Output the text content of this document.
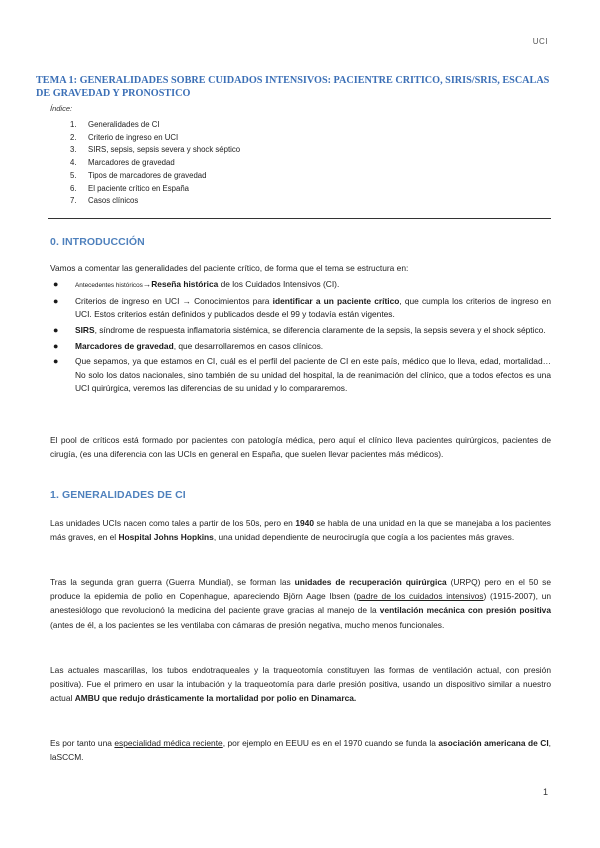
UCI
TEMA 1: GENERALIDADES SOBRE CUIDADOS INTENSIVOS: PACIENTRE CRITICO, SIRIS/SRIS, ESCALAS DE GRAVEDAD Y PRONOSTICO
Índice:
1.	Generalidades de CI
2.	Criterio de ingreso en UCI
3.	SIRS, sepsis, sepsis severa y shock séptico
4.	Marcadores de gravedad
5.	Tipos de marcadores de gravedad
6.	El paciente crítico en España
7.	Casos clínicos
0. INTRODUCCIÓN

Vamos a comentar las generalidades del paciente crítico, de forma que el tema se estructura en:

●	Antecedentes históricos→Reseña histórica de los Cuidados Intensivos (CI).
● Criterios de ingreso en UCI → Conocimientos para identificar a un paciente crítico, que cumpla los criterios de ingreso en UCI. Estos criterios están definidos y publicados desde el 99 y todavía están vigentes.
● SIRS, síndrome de respuesta inflamatoria sistémica, se diferencia claramente de la sepsis, la sepsis severa y el shock séptico.
● Marcadores de gravedad, que desarrollaremos en casos clínicos.
● Que sepamos, ya que estamos en CI, cuál es el perfil del paciente de CI en este país, médico que lo lleva, edad, mortalidad… No solo los datos nacionales, sino también de su unidad del hospital, la de reanimación del clínico, que a todos efectos es una UCI quirúrgica, veremos las diferencias de su unidad y lo compararemos.

El pool de críticos está formado por pacientes con patología médica, pero aquí el clínico lleva pacientes quirúrgicos, pacientes de cirugía, (es una diferencia con las UCIs en general en España, que suelen llevar pacientes más médicos).

1. GENERALIDADES DE CI

Las unidades UCIs nacen como tales a partir de los 50s, pero en 1940 se habla de una unidad en la que se manejaba a los pacientes más graves, en el Hospital Johns Hopkins, una unidad dependiente de neurocirugía que cogía a los pacientes más graves.

Tras la segunda gran guerra (Guerra Mundial), se forman las unidades de recuperación quirúrgica (URPQ) pero en el 50 se produce la epidemia de polio en Copenhague, apareciendo Björn Aage Ibsen (padre de los cuidados intensivos) (1915-2007), un anestesiólogo que revolucionó la medicina del paciente grave gracias al manejo de la ventilación mecánica con presión positiva (antes de él, a los pacientes se les ventilaba con cámaras de presión negativa, mucho menos funcionales.

Las actuales mascarillas, los tubos endotraqueales y la traqueotomía constituyen las formas de ventilación actual, con presión positiva). Fue el primero en usar la intubación y la traqueotomía para darle presión positiva, usando un dispositivo similar a nuestro actual AMBU que redujo drásticamente la mortalidad por polio en Dinamarca.

Es por tanto una especialidad médica reciente, por ejemplo en EEUU es en el 1970 cuando se funda la asociación americana de CI, laSCCM.

1
